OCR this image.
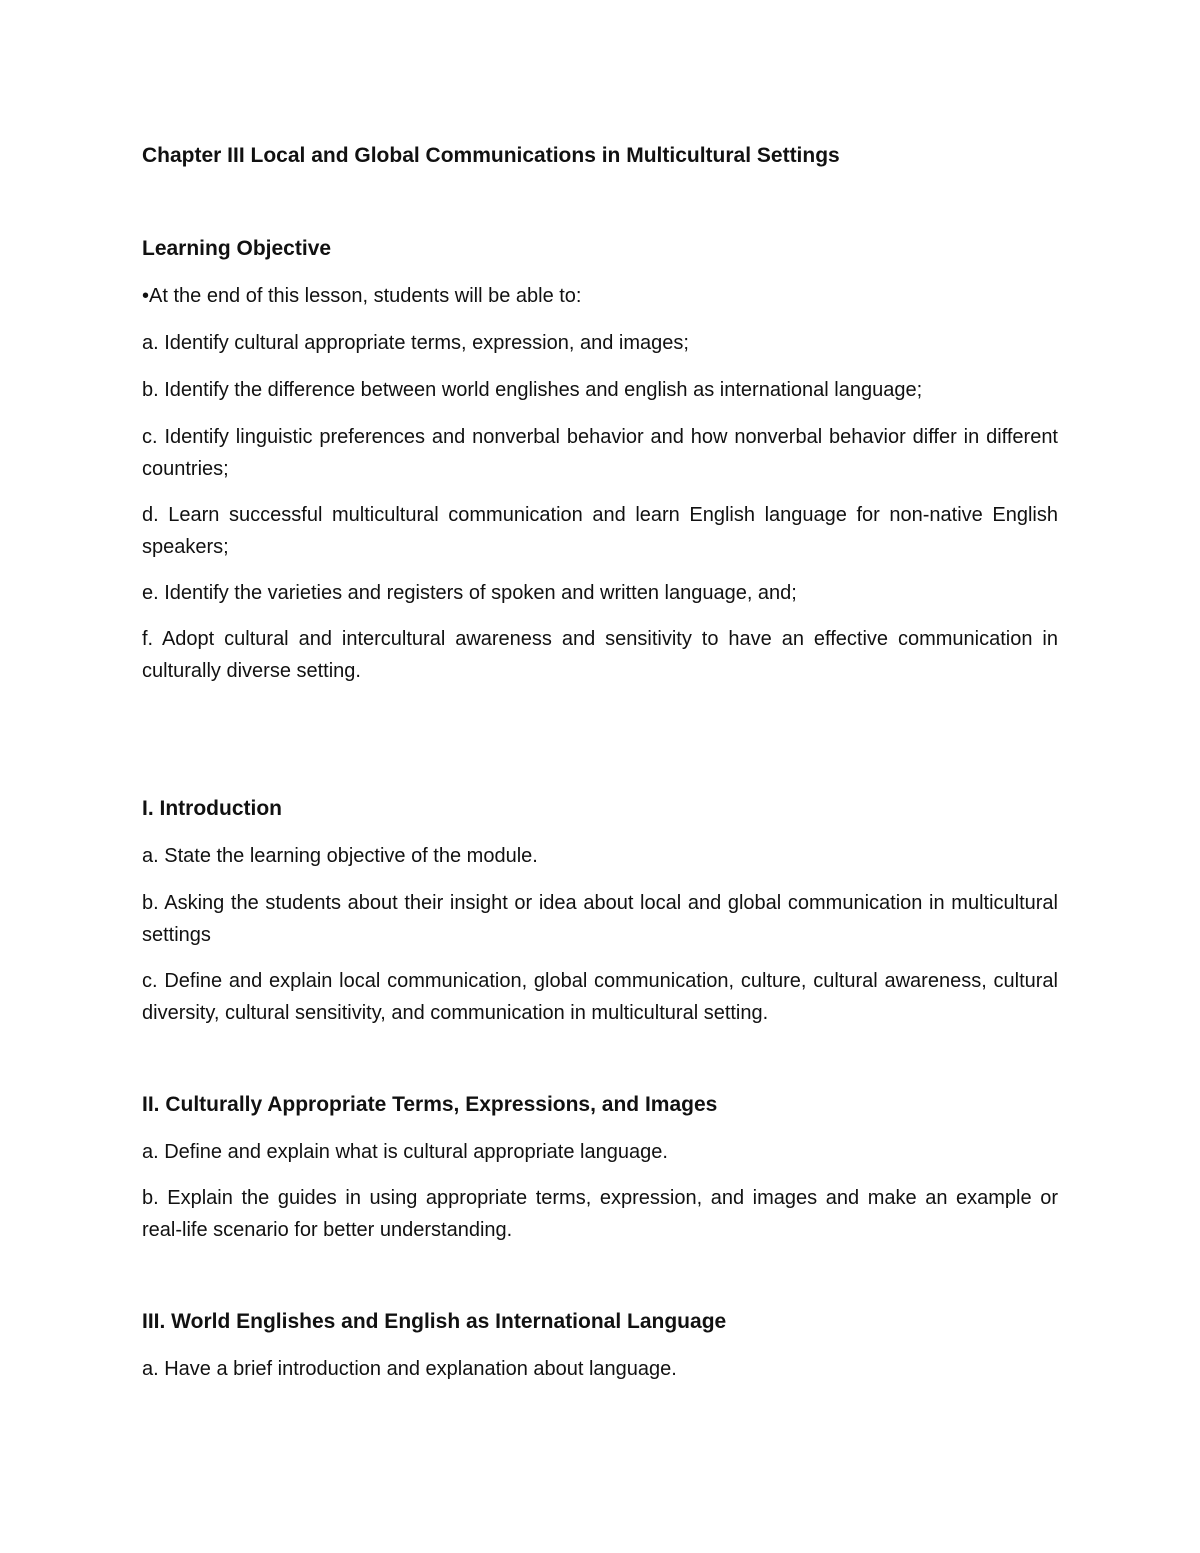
Chapter III Local and Global Communications in Multicultural Settings

Learning Objective

•At the end of this lesson, students will be able to:

a. Identify cultural appropriate terms, expression, and images;

b. Identify the difference between world englishes and english as international language;

c. Identify linguistic preferences and nonverbal behavior and how nonverbal behavior differ in different countries;

d. Learn successful multicultural communication and learn English language for non-native English speakers;

e. Identify the varieties and registers of spoken and written language, and;

f. Adopt cultural and intercultural awareness and sensitivity to have an effective communication in culturally diverse setting.

I. Introduction

a. State the learning objective of the module.

b. Asking the students about their insight or idea about local and global communication in multicultural settings

c. Define and explain local communication, global communication, culture, cultural awareness, cultural diversity, cultural sensitivity, and communication in multicultural setting.

II. Culturally Appropriate Terms, Expressions, and Images

a. Define and explain what is cultural appropriate language.

b. Explain the guides in using appropriate terms, expression, and images and make an example or real-life scenario for better understanding.

III. World Englishes and English as International Language

a. Have a brief introduction and explanation about language.
